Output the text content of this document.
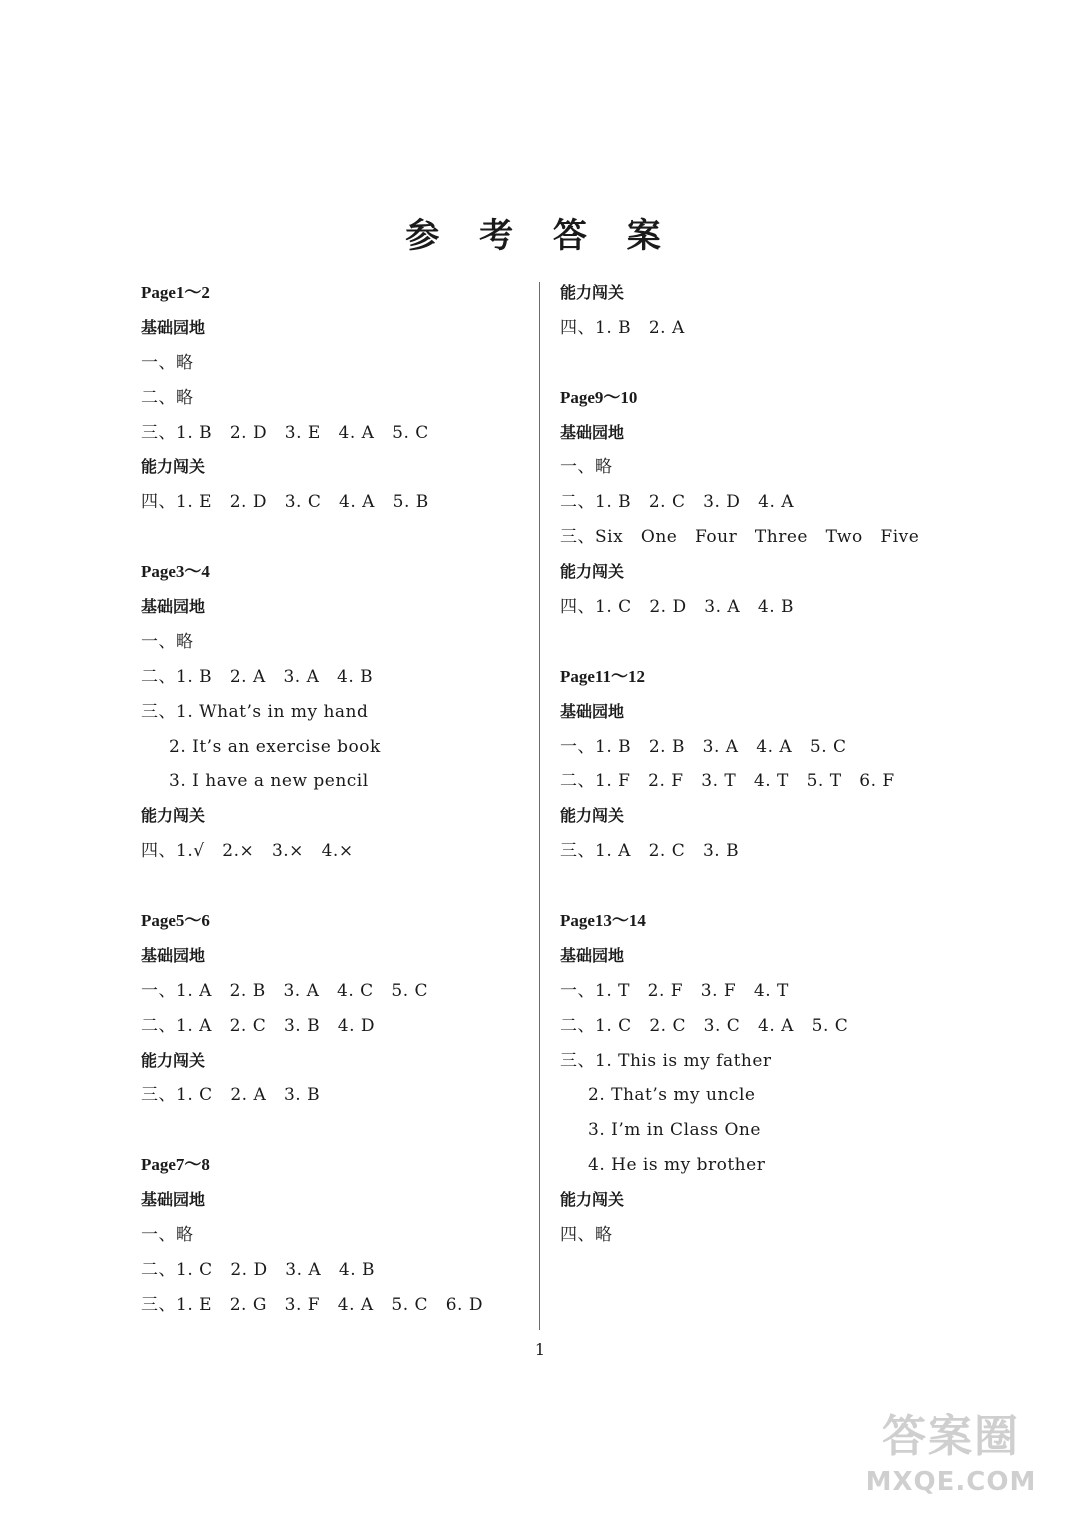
参 考 答 案
Page1～2
基础园地
一、略
二、略
三、1. B   2. D   3. E   4. A   5. C
能力闯关
四、1. E   2. D   3. C   4. A   5. B
Page3～4
基础园地
一、略
二、1. B   2. A   3. A   4. B
三、1. What’s in my hand
2. It’s an exercise book
3. I have a new pencil
能力闯关
四、1.√   2.×   3.×   4.×
Page5～6
基础园地
一、1. A   2. B   3. A   4. C   5. C
二、1. A   2. C   3. B   4. D
能力闯关
三、1. C   2. A   3. B
Page7～8
基础园地
一、略
二、1. C   2. D   3. A   4. B
三、1. E   2. G   3. F   4. A   5. C   6. D
能力闯关
四、1. B   2. A
Page9～10
基础园地
一、略
二、1. B   2. C   3. D   4. A
三、Six   One   Four   Three   Two   Five
能力闯关
四、1. C   2. D   3. A   4. B
Page11～12
基础园地
一、1. B   2. B   3. A   4. A   5. C
二、1. F   2. F   3. T   4. T   5. T   6. F
能力闯关
三、1. A   2. C   3. B
Page13～14
基础园地
一、1. T   2. F   3. F   4. T
二、1. C   2. C   3. C   4. A   5. C
三、1. This is my father
2. That’s my uncle
3. I’m in Class One
4. He is my brother
能力闯关
四、略
1
答案圈
MXQE.COM
